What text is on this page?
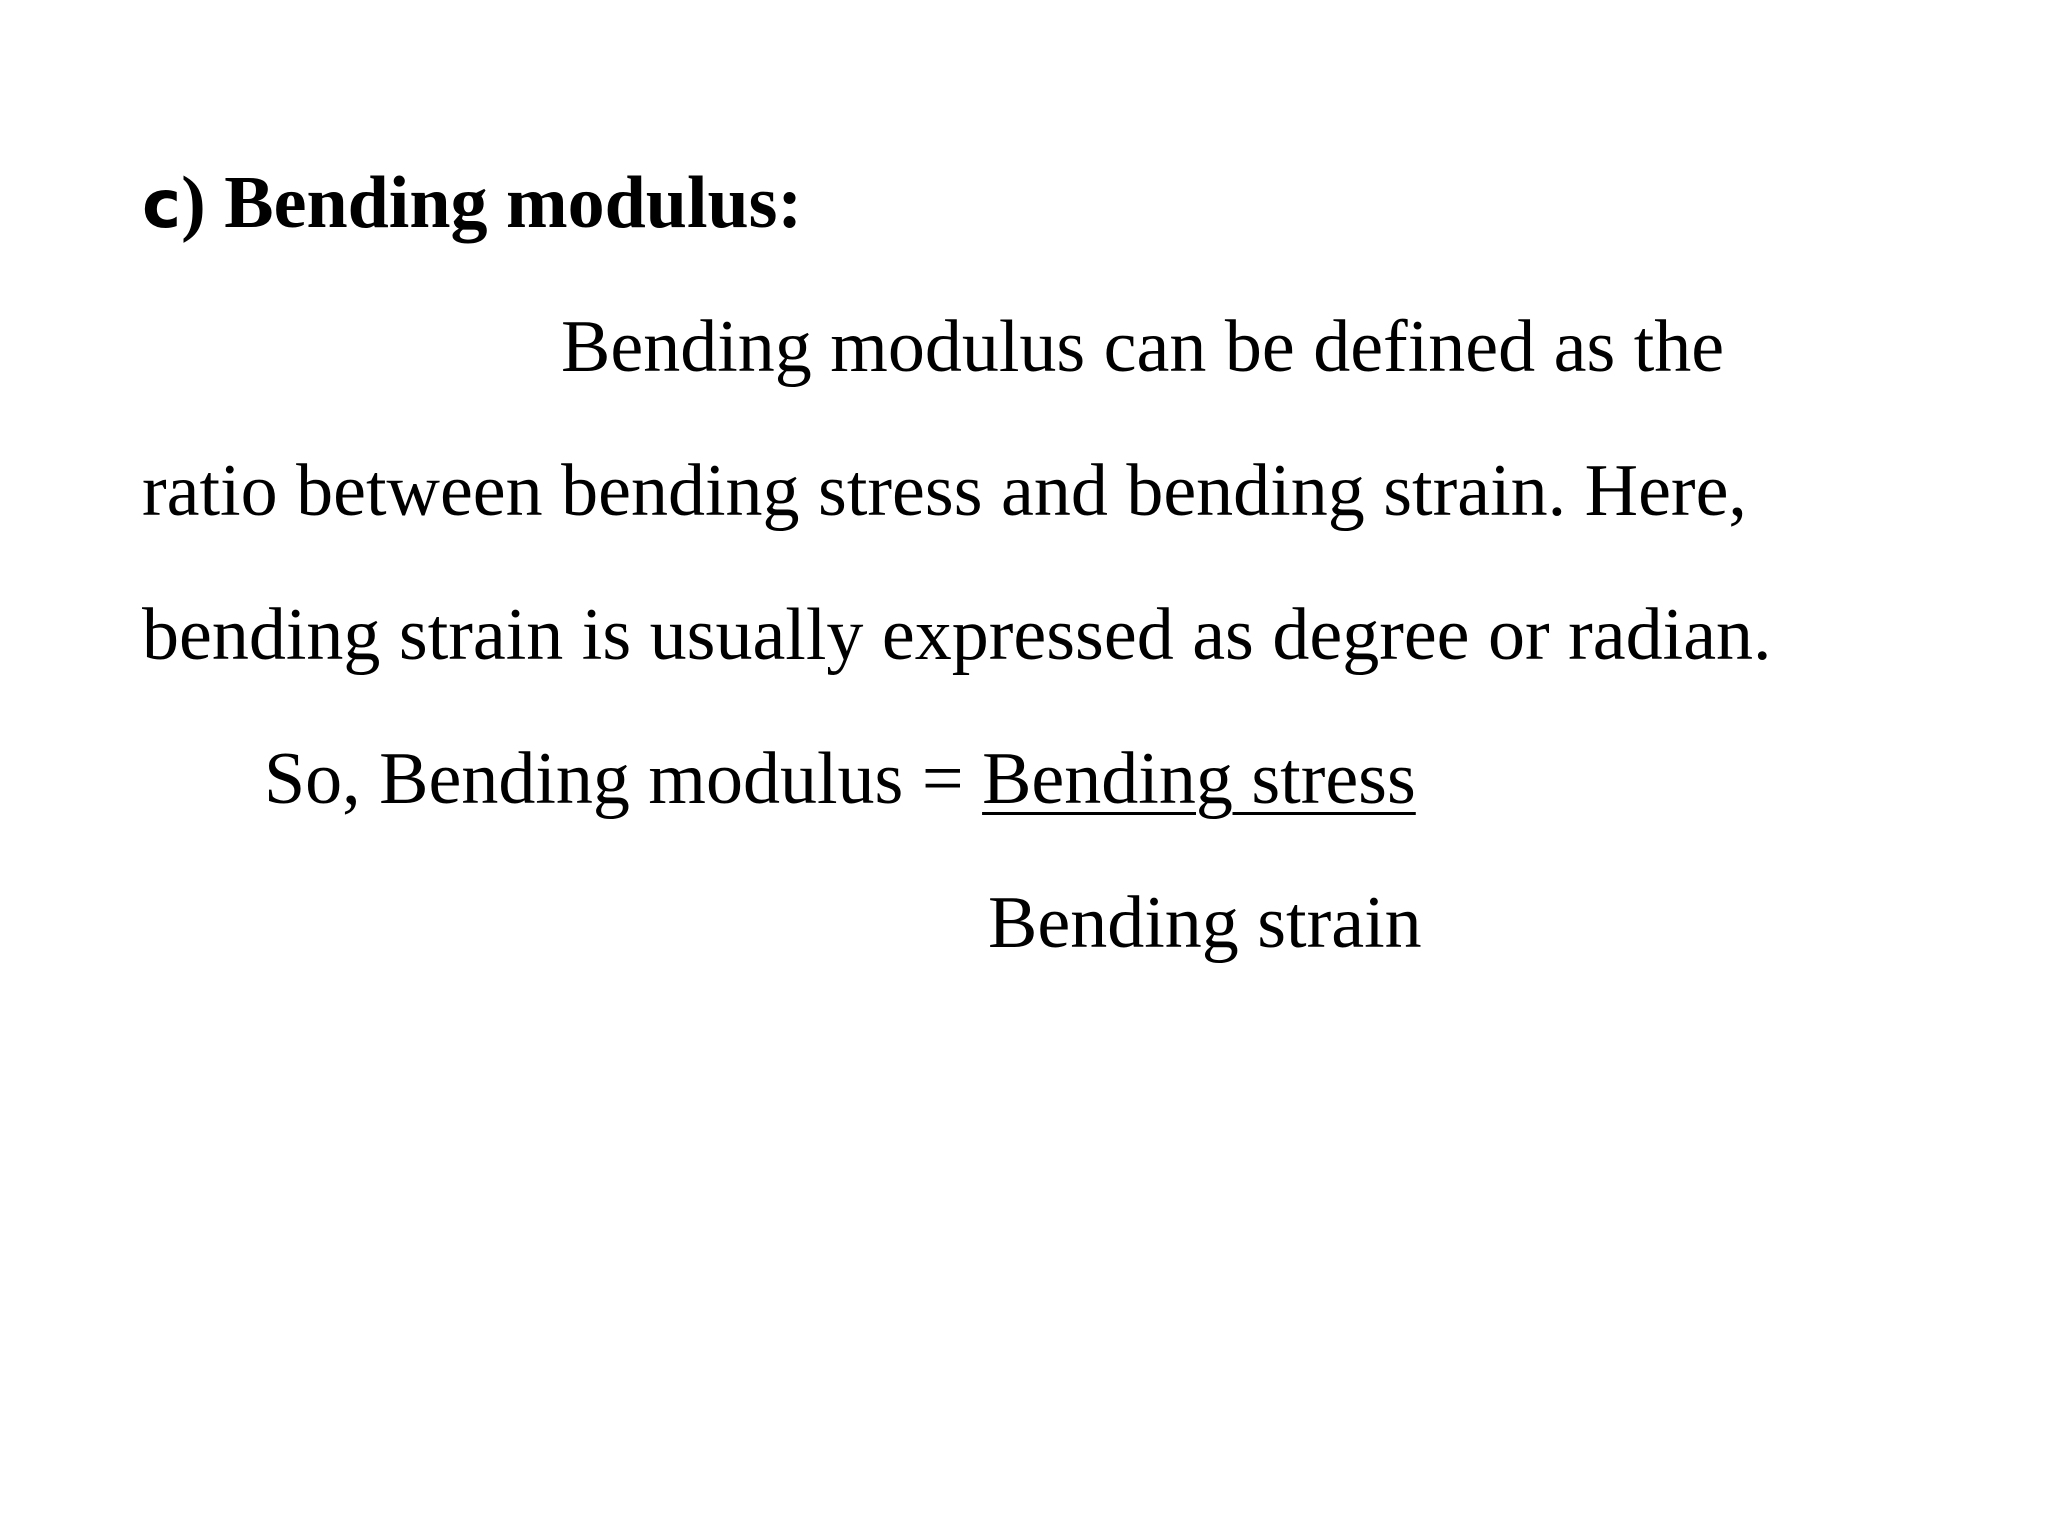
c) Bending modulus:
Bending modulus can be defined as the
ratio between bending stress and bending strain. Here,
bending strain is usually expressed as degree or radian.
So, Bending modulus = Bending stress
Bending strain
